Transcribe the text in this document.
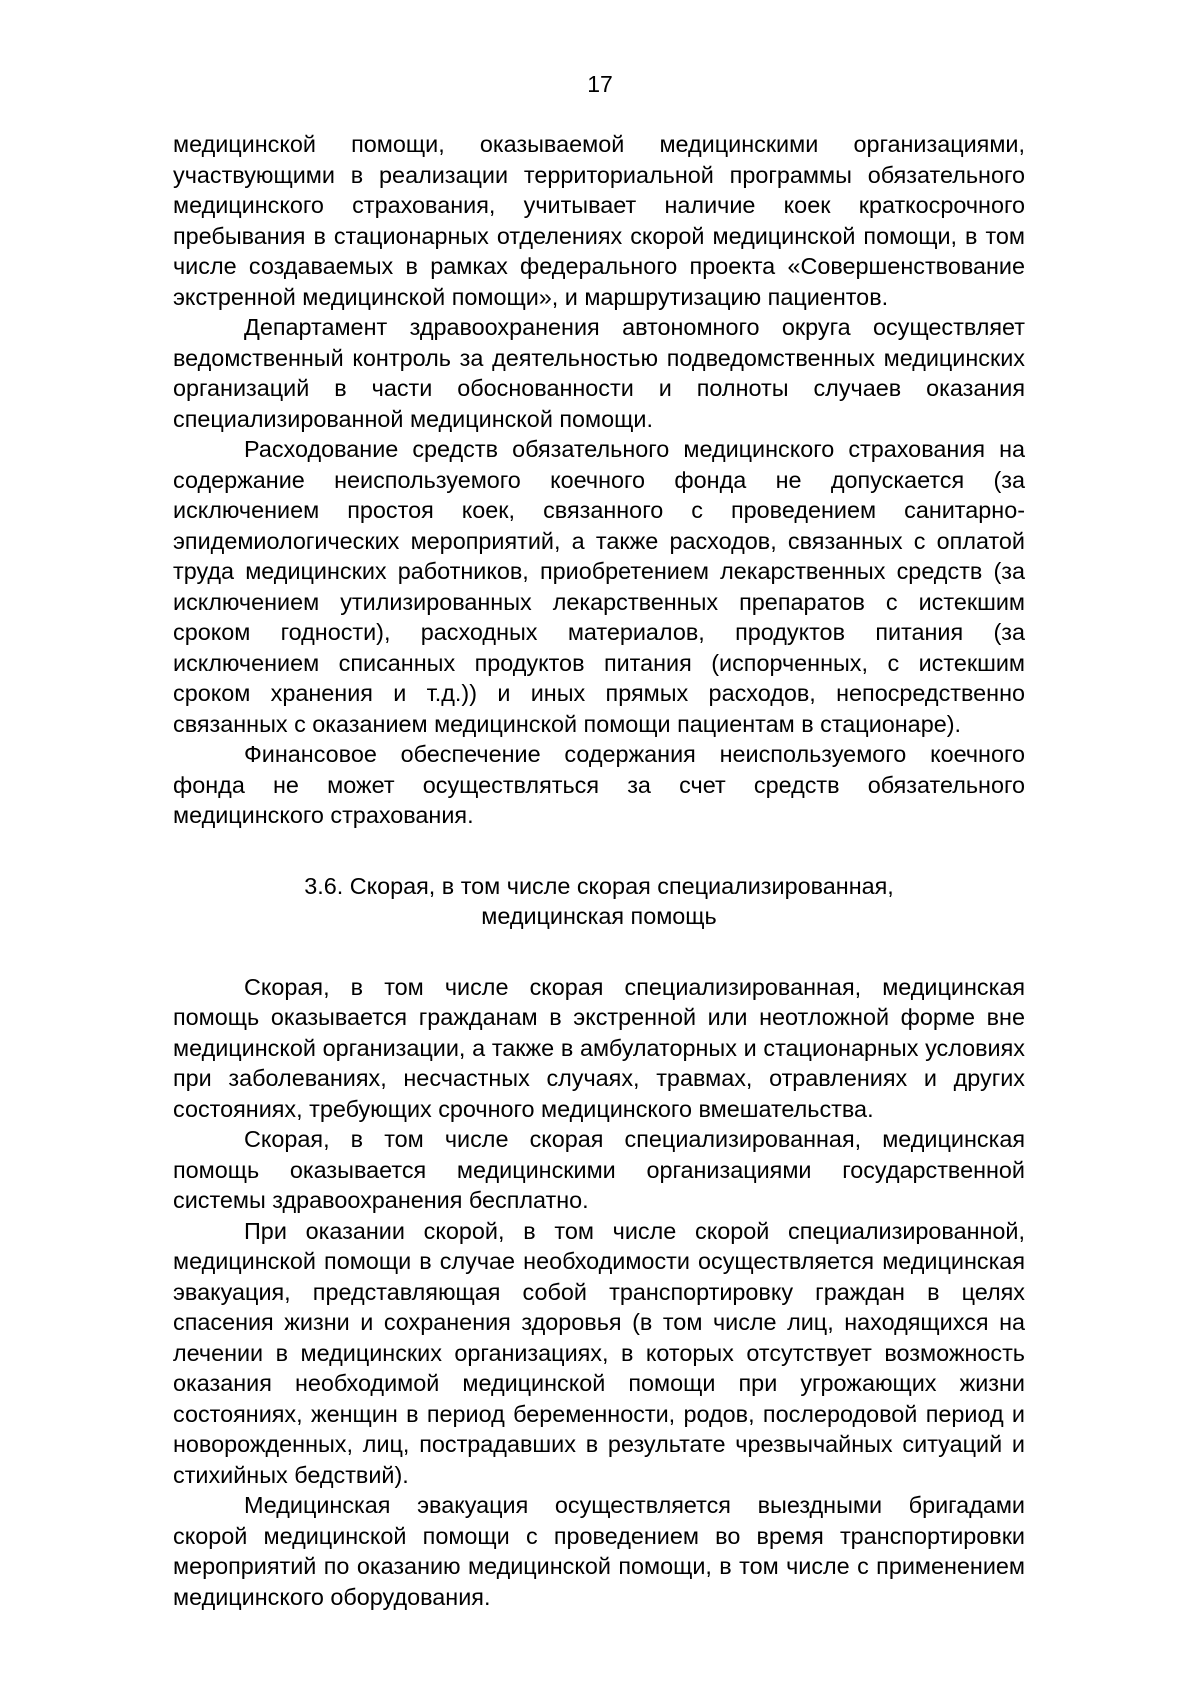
17

медицинской помощи, оказываемой медицинскими организациями, участвующими в реализации территориальной программы обязательного медицинского страхования, учитывает наличие коек краткосрочного пребывания в стационарных отделениях скорой медицинской помощи, в том числе создаваемых в рамках федерального проекта «Совершенствование экстренной медицинской помощи», и маршрутизацию пациентов.

Департамент здравоохранения автономного округа осуществляет ведомственный контроль за деятельностью подведомственных медицинских организаций в части обоснованности и полноты случаев оказания специализированной медицинской помощи.

Расходование средств обязательного медицинского страхования на содержание неиспользуемого коечного фонда не допускается (за исключением простоя коек, связанного с проведением санитарно-эпидемиологических мероприятий, а также расходов, связанных с оплатой труда медицинских работников, приобретением лекарственных средств (за исключением утилизированных лекарственных препаратов с истекшим сроком годности), расходных материалов, продуктов питания (за исключением списанных продуктов питания (испорченных, с истекшим сроком хранения и т.д.)) и иных прямых расходов, непосредственно связанных с оказанием медицинской помощи пациентам в стационаре).

Финансовое обеспечение содержания неиспользуемого коечного фонда не может осуществляться за счет средств обязательного медицинского страхования.

3.6. Скорая, в том числе скорая специализированная,
медицинская помощь

Скорая, в том числе скорая специализированная, медицинская помощь оказывается гражданам в экстренной или неотложной форме вне медицинской организации, а также в амбулаторных и стационарных условиях при заболеваниях, несчастных случаях, травмах, отравлениях и других состояниях, требующих срочного медицинского вмешательства.

Скорая, в том числе скорая специализированная, медицинская помощь оказывается медицинскими организациями государственной системы здравоохранения бесплатно.

При оказании скорой, в том числе скорой специализированной, медицинской помощи в случае необходимости осуществляется медицинская эвакуация, представляющая собой транспортировку граждан в целях спасения жизни и сохранения здоровья (в том числе лиц, находящихся на лечении в медицинских организациях, в которых отсутствует возможность оказания необходимой медицинской помощи при угрожающих жизни состояниях, женщин в период беременности, родов, послеродовой период и новорожденных, лиц, пострадавших в результате чрезвычайных ситуаций и стихийных бедствий).

Медицинская эвакуация осуществляется выездными бригадами скорой медицинской помощи с проведением во время транспортировки мероприятий по оказанию медицинской помощи, в том числе с применением медицинского оборудования.
